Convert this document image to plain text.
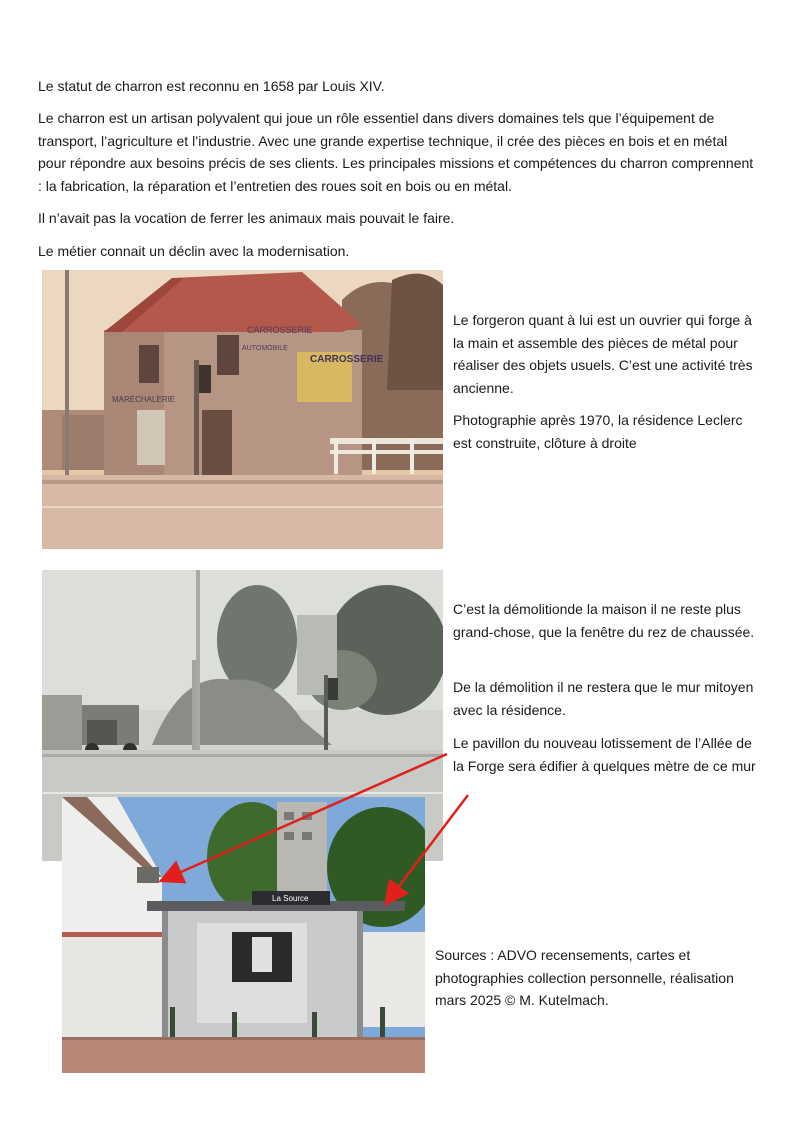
Le statut de charron est reconnu en 1658 par Louis XIV.

Le charron est un artisan polyvalent qui joue un rôle essentiel dans divers domaines tels que l’équipement de transport, l’agriculture et l’industrie. Avec une grande expertise technique, il crée des pièces en bois et en métal pour répondre aux besoins précis de ses clients. Les principales missions et compétences du charron comprennent : la fabrication, la réparation et l’entretien des roues soit en bois ou en métal.

Il n’avait pas la vocation de ferrer les animaux mais pouvait le faire.

Le métier connait un déclin avec la modernisation.

CARROSSERIE
AUTOMOBILE
CARROSSERIE
MARÉCHALERIE

Le forgeron quant à lui est un ouvrier qui forge à la main et assemble des pièces de métal pour réaliser des objets usuels. C’est une activité très ancienne.

Photographie après 1970, la résidence Leclerc est construite, clôture à droite

C’est la démolitionde la maison il ne reste plus grand-chose, que la fenêtre du rez de chaussée.

De la démolition il ne restera que le mur mitoyen avec la résidence.

Le pavillon du nouveau lotissement de l’Allée de la Forge sera édifier à quelques mètre de ce mur

La Source

Sources : ADVO recensements, cartes et photographies collection personnelle, réalisation mars 2025 © M. Kutelmach.
